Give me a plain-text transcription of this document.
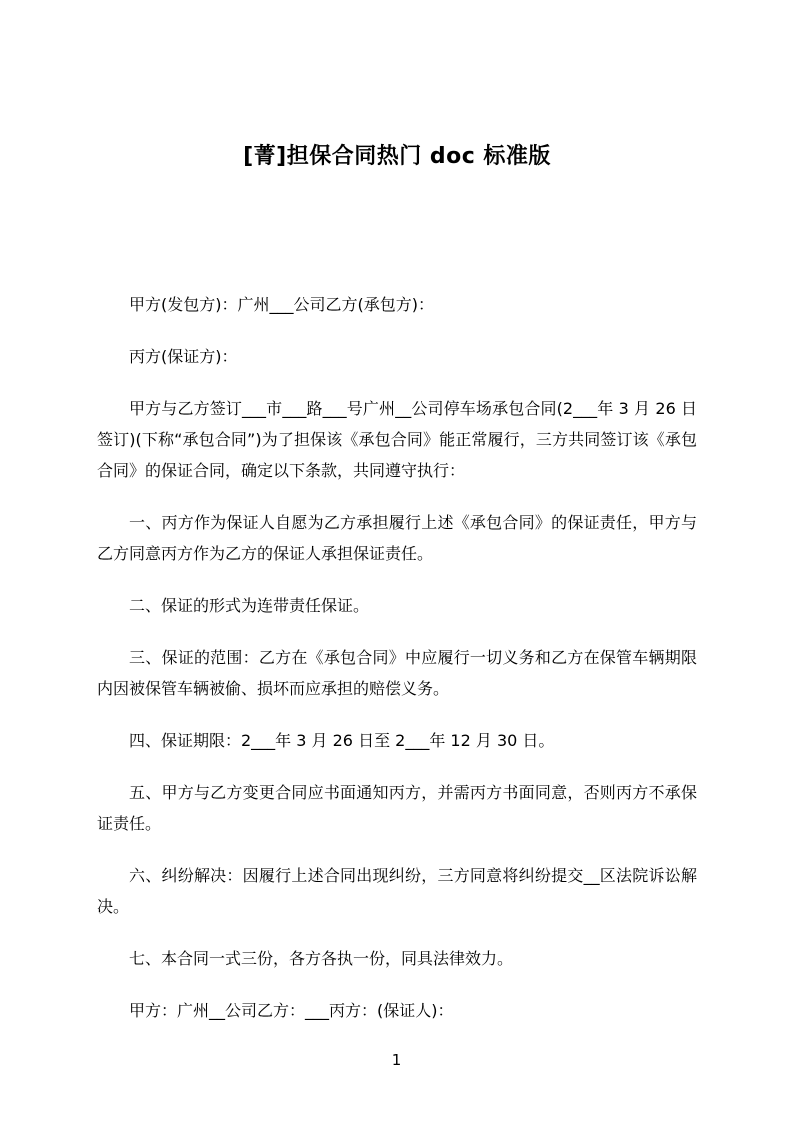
[菁]担保合同热门 doc 标准版

甲方(发包方)：广州___公司乙方(承包方)：

丙方(保证方)：

甲方与乙方签订___市___路___号广州__公司停车场承包合同(2___年 3 月 26 日签订)(下称“承包合同”)为了担保该《承包合同》能正常履行，三方共同签订该《承包合同》的保证合同，确定以下条款，共同遵守执行：

一、丙方作为保证人自愿为乙方承担履行上述《承包合同》的保证责任，甲方与乙方同意丙方作为乙方的保证人承担保证责任。

二、保证的形式为连带责任保证。

三、保证的范围：乙方在《承包合同》中应履行一切义务和乙方在保管车辆期限内因被保管车辆被偷、损坏而应承担的赔偿义务。

四、保证期限：2___年 3 月 26 日至 2___年 12 月 30 日。

五、甲方与乙方变更合同应书面通知丙方，并需丙方书面同意，否则丙方不承保证责任。

六、纠纷解决：因履行上述合同出现纠纷，三方同意将纠纷提交__区法院诉讼解决。

七、本合同一式三份，各方各执一份，同具法律效力。

甲方：广州__公司乙方：___丙方：(保证人)：

1
